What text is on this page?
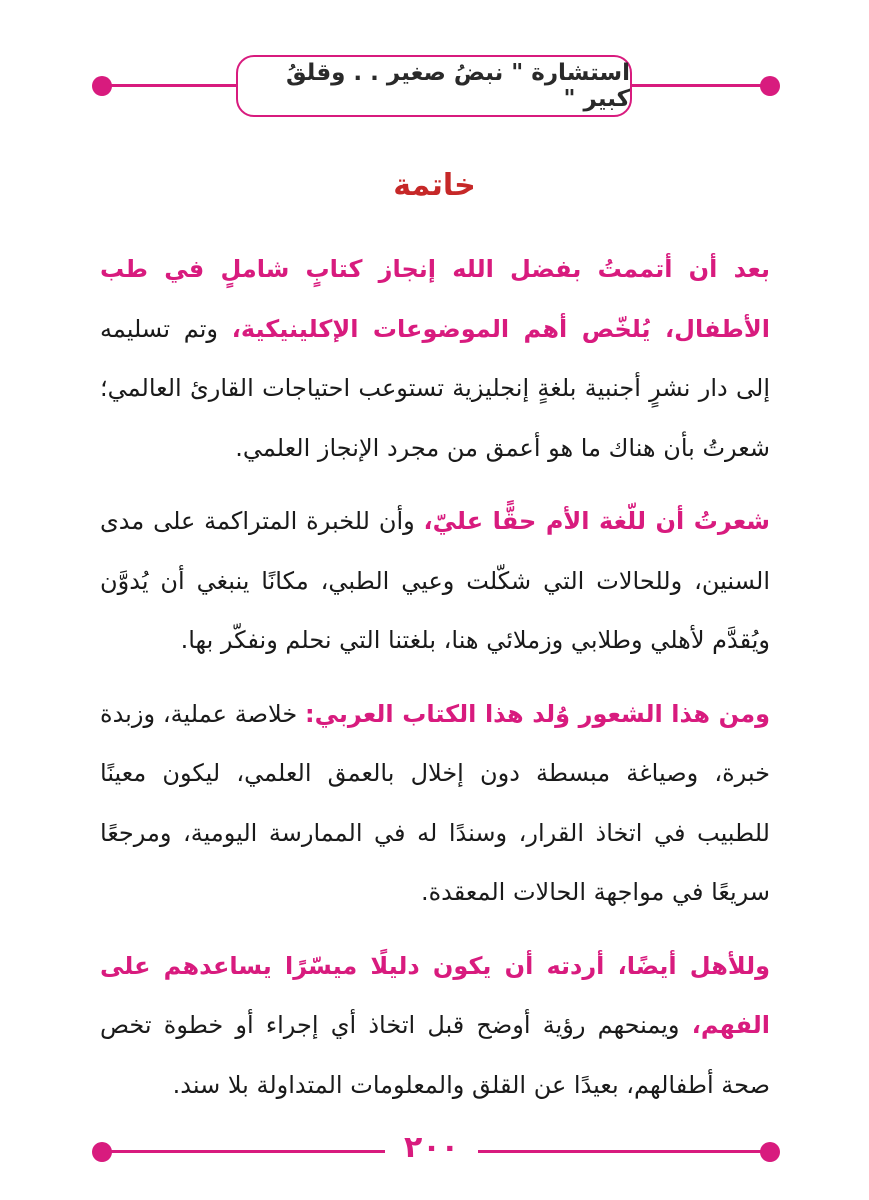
استشارة " نبضُ صغير . . وقلقُ كبير "
خاتمة

بعد أن أتممتُ بفضل الله إنجاز كتابٍ شاملٍ في طب الأطفال، يُلخّص أهم الموضوعات الإكلينيكية، وتم تسليمه إلى دار نشرٍ أجنبية بلغةٍ إنجليزية تستوعب احتياجات القارئ العالمي؛ شعرتُ بأن هناك ما هو أعمق من مجرد الإنجاز العلمي.

شعرتُ أن للّغة الأم حقًّا عليّ، وأن للخبرة المتراكمة على مدى السنين، وللحالات التي شكّلت وعيي الطبي، مكانًا ينبغي أن يُدوَّن ويُقدَّم لأهلي وطلابي وزملائي هنا، بلغتنا التي نحلم ونفكّر بها.

ومن هذا الشعور وُلد هذا الكتاب العربي: خلاصة عملية، وزبدة خبرة، وصياغة مبسطة دون إخلال بالعمق العلمي، ليكون معينًا للطبيب في اتخاذ القرار، وسندًا له في الممارسة اليومية، ومرجعًا سريعًا في مواجهة الحالات المعقدة.

وللأهل أيضًا، أردته أن يكون دليلًا ميسّرًا يساعدهم على الفهم، ويمنحهم رؤية أوضح قبل اتخاذ أي إجراء أو خطوة تخص صحة أطفالهم، بعيدًا عن القلق والمعلومات المتداولة بلا سند.

٢٠٠
